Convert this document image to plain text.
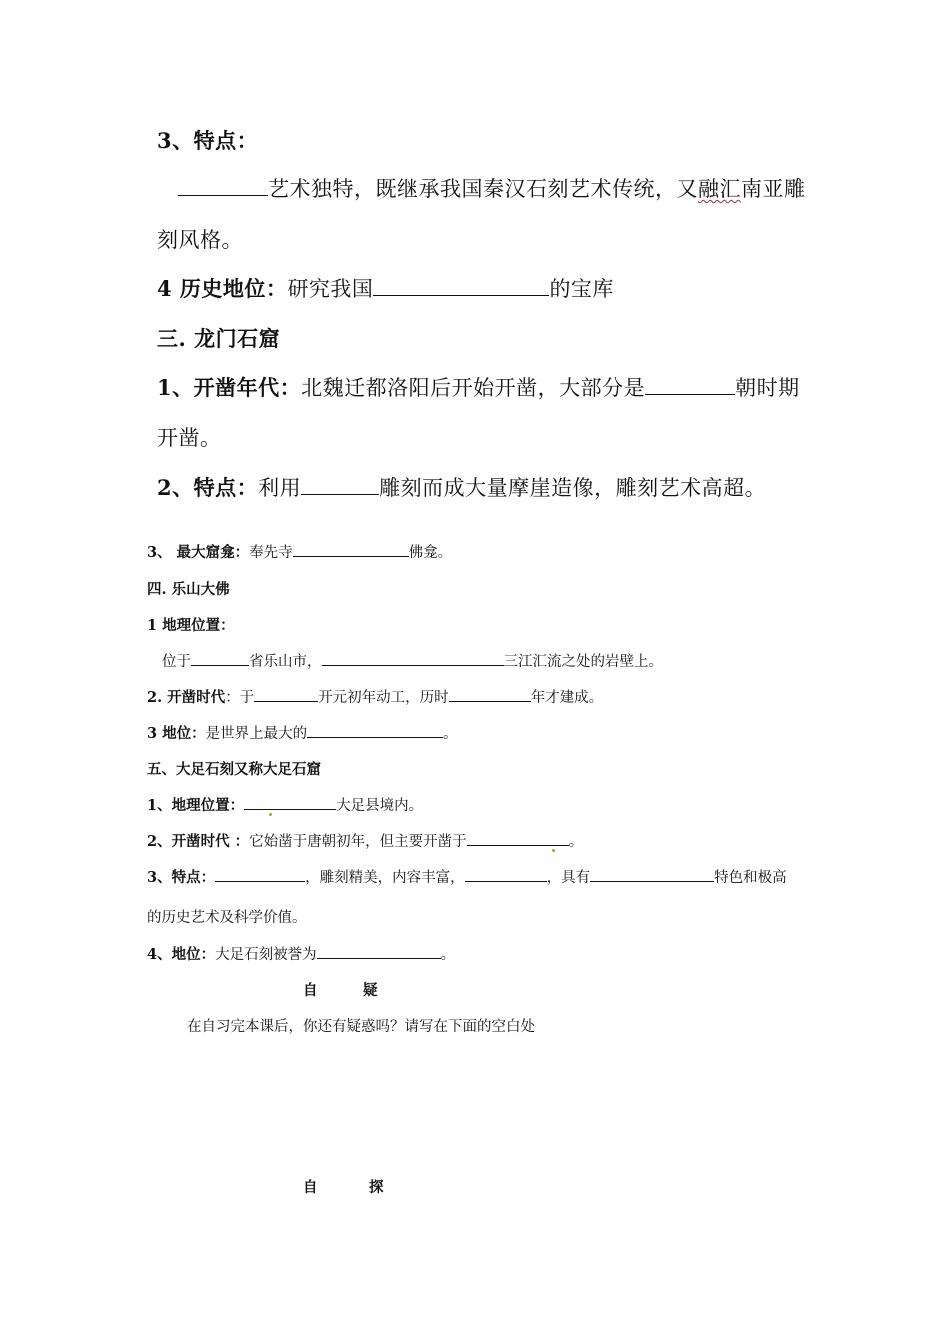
3、特点：
艺术独特，既继承我国秦汉石刻艺术传统，又融汇南亚雕
刻风格。
4 历史地位：研究我国	的宝库
三. 龙门石窟
1、开凿年代：北魏迁都洛阳后开始开凿，大部分是	朝时期
开凿。
2、特点：利用	雕刻而成大量摩崖造像，雕刻艺术高超。
3、 最大窟龛：奉先寺	佛龛。
四. 乐山大佛
1 地理位置：
位于	省乐山市，	三江汇流之处的岩壁上。
2. 开凿时代：于	开元初年动工，历时	年才建成。
3 地位：是世界上最大的	。
五、大足石刻又称大足石窟
1、地理位置：	大足县境内。
2、开凿时代 ：它始凿于唐朝初年，但主要开凿于	。
3、特点：	，雕刻精美，内容丰富，	，具有	特色和极高
的历史艺术及科学价值。
4、地位：大足石刻被誉为	。
自	疑
在自习完本课后，你还有疑惑吗？请写在下面的空白处
自	探
